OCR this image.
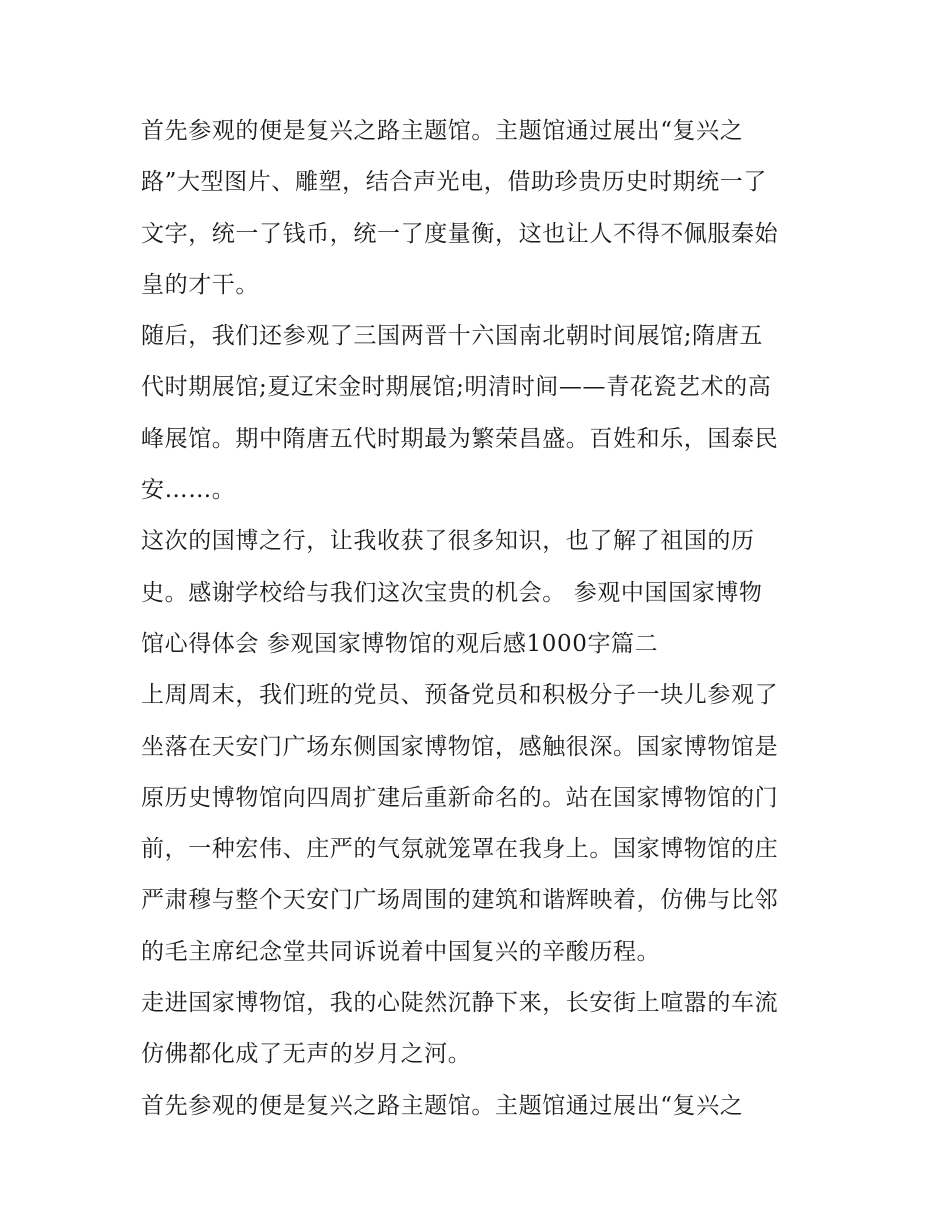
首先参观的便是复兴之路主题馆。主题馆通过展出“复兴之
路”大型图片、雕塑，结合声光电，借助珍贵历史时期统一了
文字，统一了钱币，统一了度量衡，这也让人不得不佩服秦始
皇的才干。
随后，我们还参观了三国两晋十六国南北朝时间展馆;隋唐五
代时期展馆;夏辽宋金时期展馆;明清时间——青花瓷艺术的高
峰展馆。期中隋唐五代时期最为繁荣昌盛。百姓和乐，国泰民
安……。
这次的国博之行，让我收获了很多知识，也了解了祖国的历
史。感谢学校给与我们这次宝贵的机会。 参观中国国家博物
馆心得体会 参观国家博物馆的观后感1000字篇二
上周周末，我们班的党员、预备党员和积极分子一块儿参观了
坐落在天安门广场东侧国家博物馆，感触很深。国家博物馆是
原历史博物馆向四周扩建后重新命名的。站在国家博物馆的门
前，一种宏伟、庄严的气氛就笼罩在我身上。国家博物馆的庄
严肃穆与整个天安门广场周围的建筑和谐辉映着，仿佛与比邻
的毛主席纪念堂共同诉说着中国复兴的辛酸历程。
走进国家博物馆，我的心陡然沉静下来，长安街上喧嚣的车流
仿佛都化成了无声的岁月之河。
首先参观的便是复兴之路主题馆。主题馆通过展出“复兴之
